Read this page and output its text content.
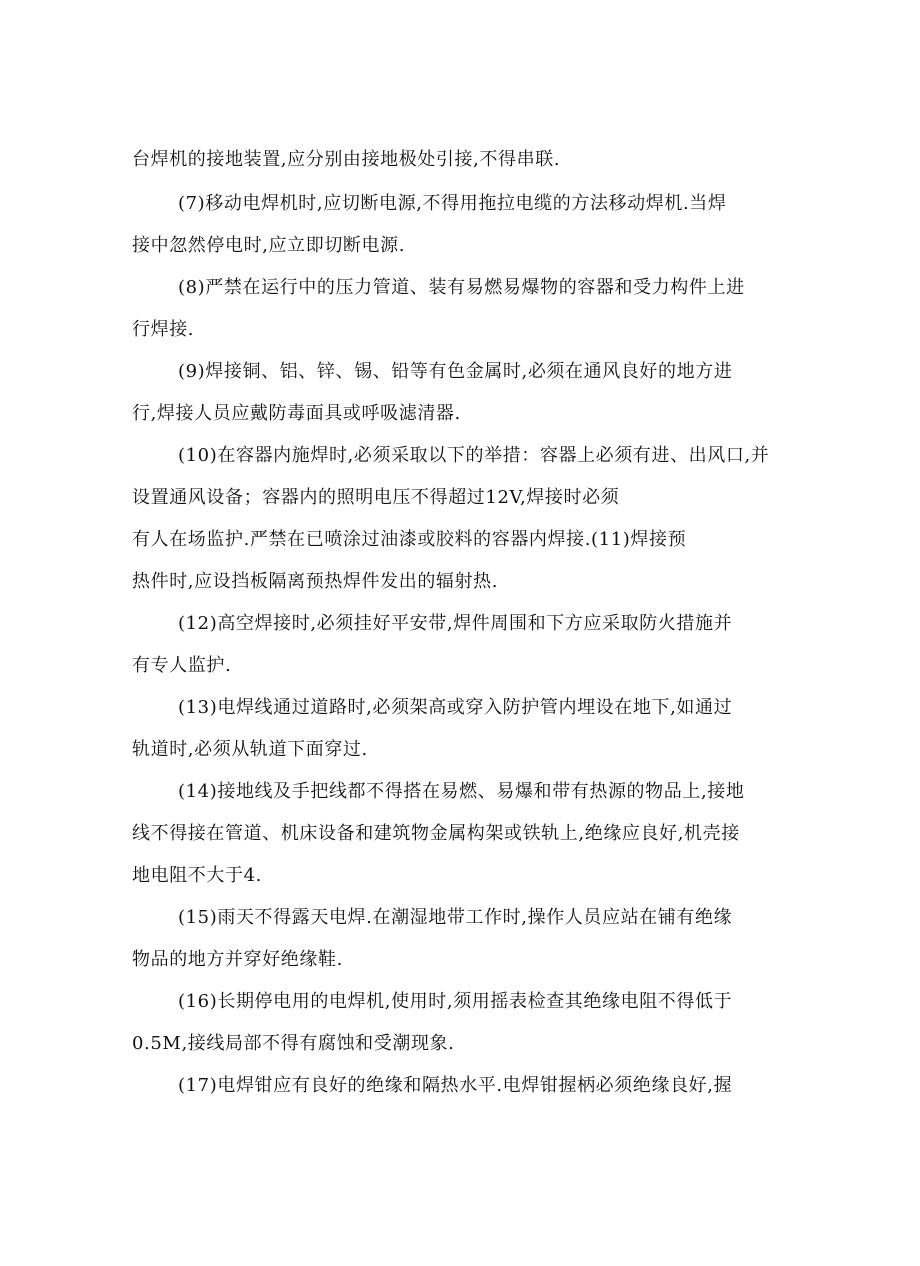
台焊机的接地装置,应分别由接地极处引接,不得串联.

(7)移动电焊机时,应切断电源,不得用拖拉电缆的方法移动焊机.当焊

接中忽然停电时,应立即切断电源.

(8)严禁在运行中的压力管道、装有易燃易爆物的容器和受力构件上进

行焊接.

(9)焊接铜、铝、锌、锡、铅等有色金属时,必须在通风良好的地方进

行,焊接人员应戴防毒面具或呼吸滤清器.

(10)在容器内施焊时,必须采取以下的举措：容器上必须有进、出风口,并

设置通风设备；容器内的照明电压不得超过12V,焊接时必须

有人在场监护.严禁在已喷涂过油漆或胶料的容器内焊接.(11)焊接预

热件时,应设挡板隔离预热焊件发出的辐射热.

(12)高空焊接时,必须挂好平安带,焊件周围和下方应采取防火措施并

有专人监护.

(13)电焊线通过道路时,必须架高或穿入防护管内埋设在地下,如通过

轨道时,必须从轨道下面穿过.

(14)接地线及手把线都不得搭在易燃、易爆和带有热源的物品上,接地

线不得接在管道、机床设备和建筑物金属构架或铁轨上,绝缘应良好,机壳接

地电阻不大于4.

(15)雨天不得露天电焊.在潮湿地带工作时,操作人员应站在铺有绝缘

物品的地方并穿好绝缘鞋.

(16)长期停电用的电焊机,使用时,须用摇表检查其绝缘电阻不得低于

0.5M,接线局部不得有腐蚀和受潮现象.

(17)电焊钳应有良好的绝缘和隔热水平.电焊钳握柄必须绝缘良好,握
